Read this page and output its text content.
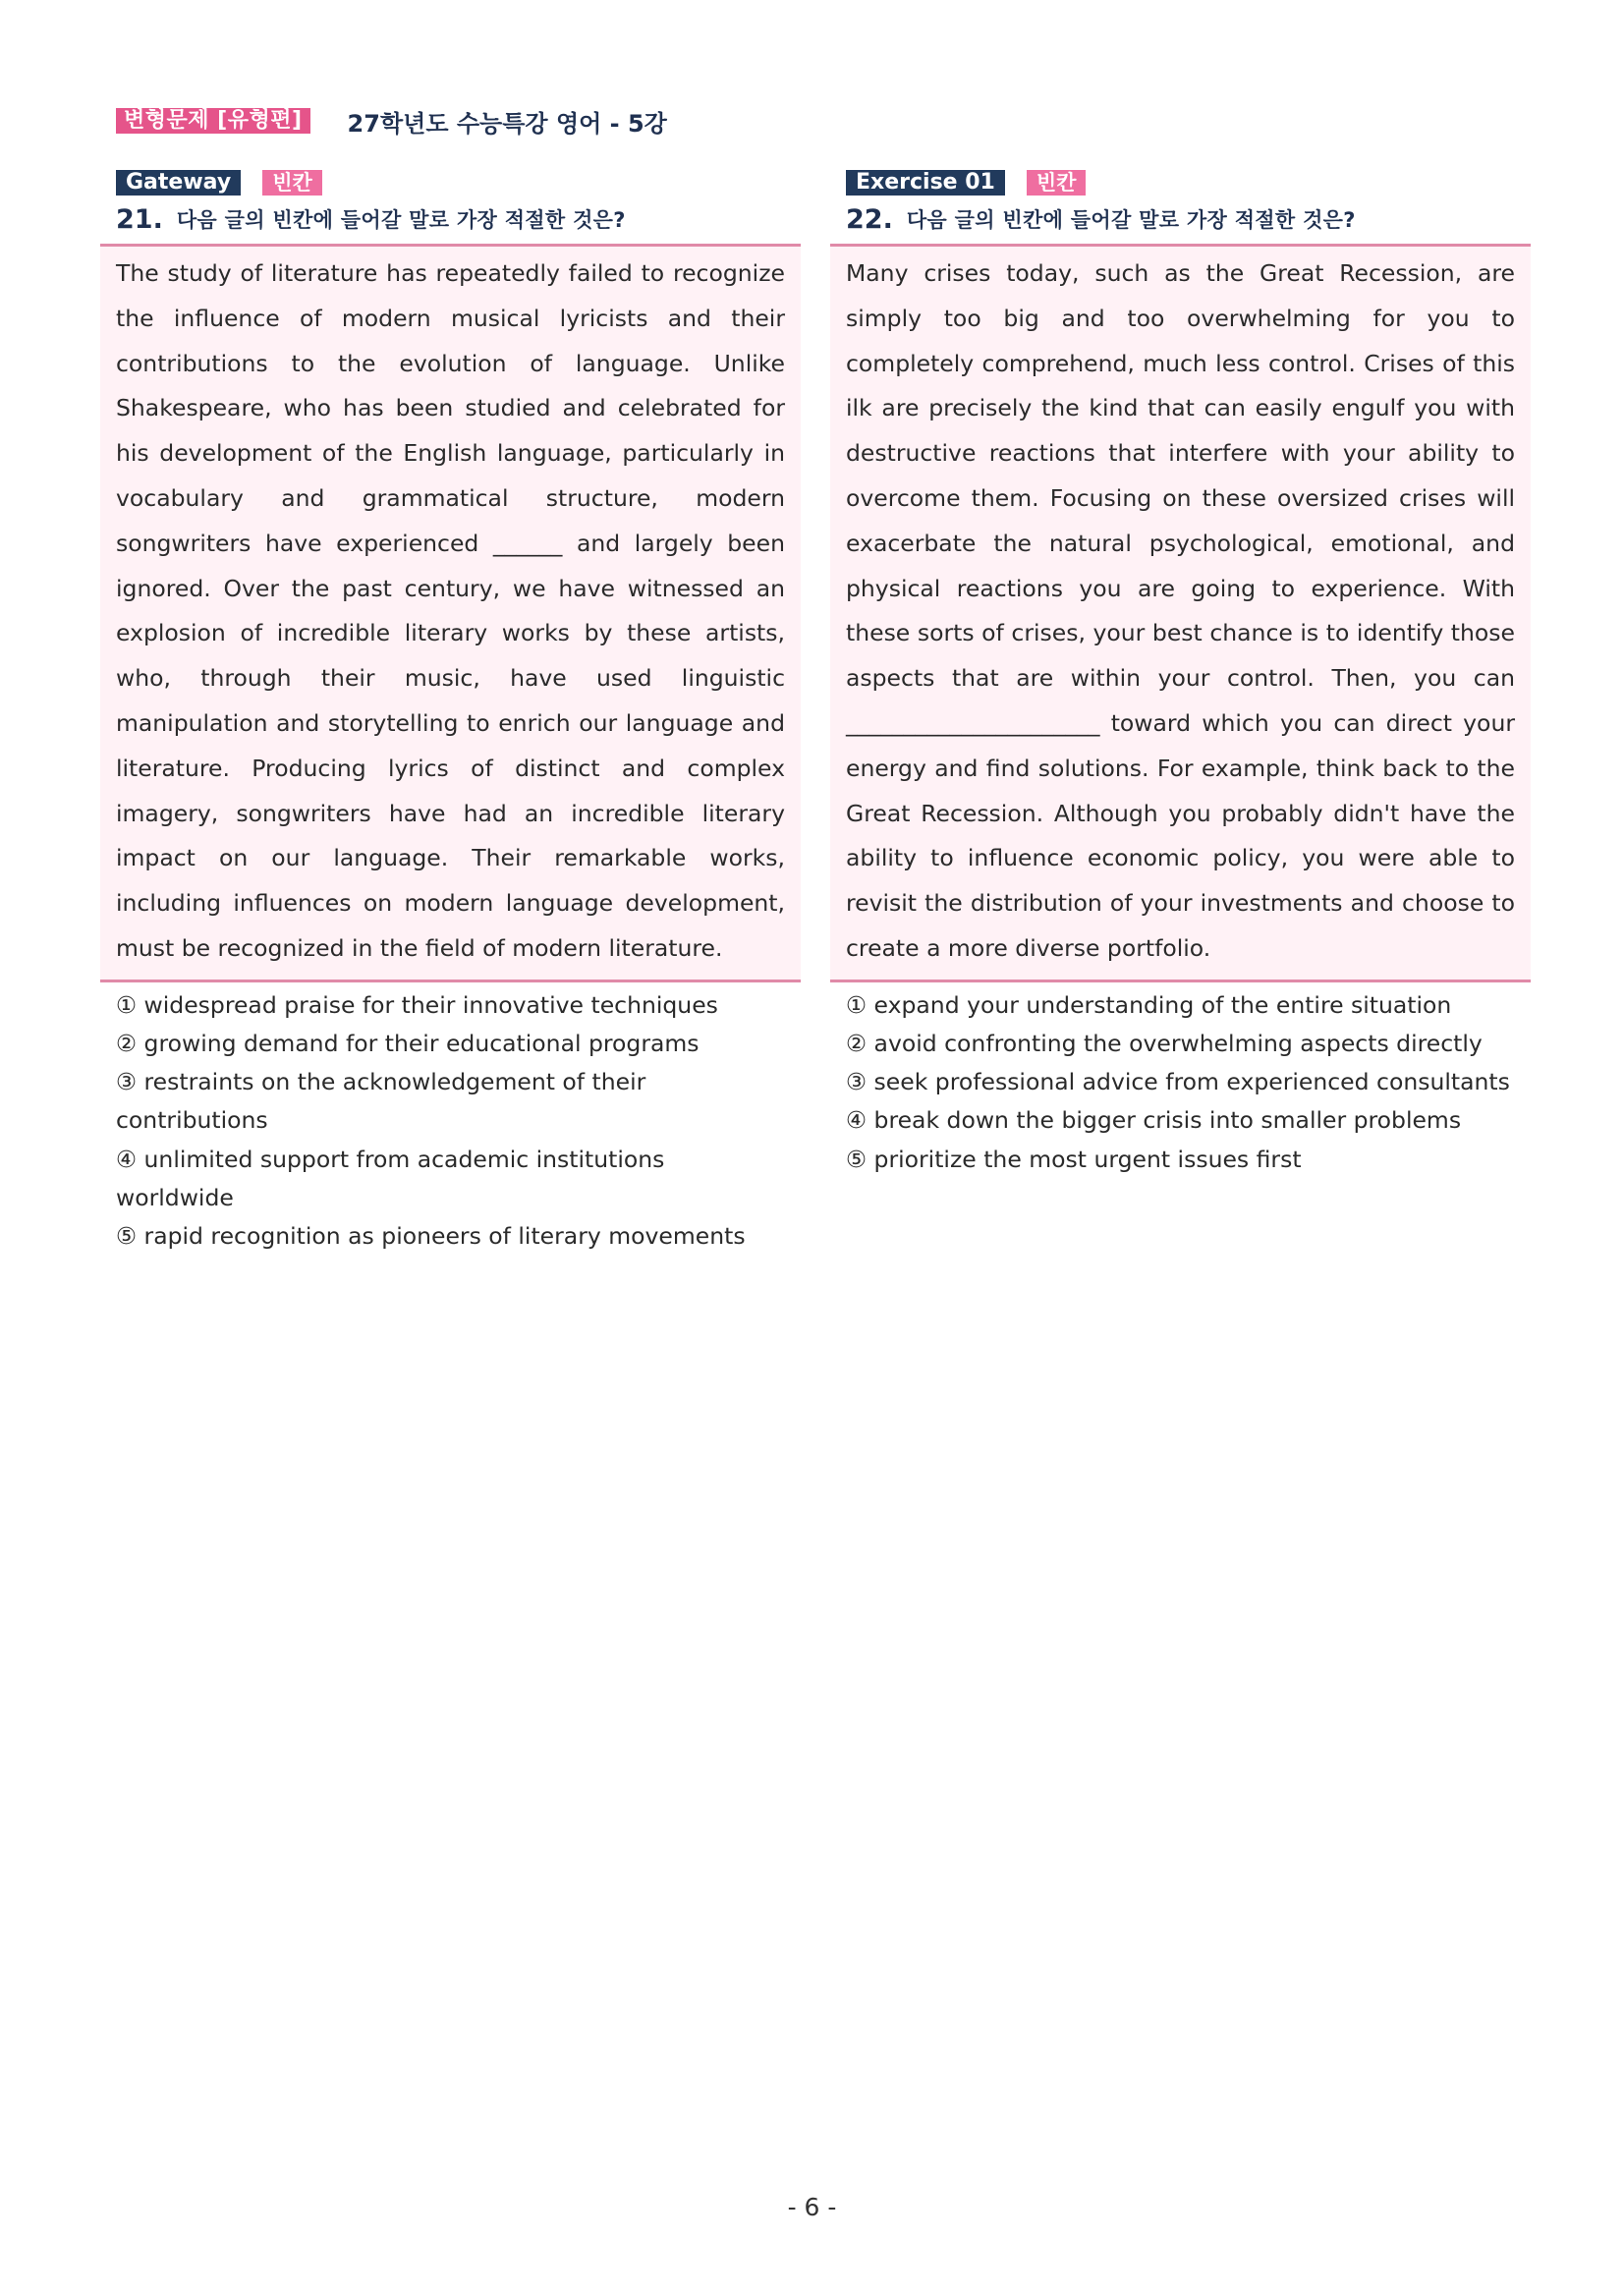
변형문제 [유형편]	27학년도 수능특강 영어 - 5강
Gateway	빈칸
21. 다음 글의 빈칸에 들어갈 말로 가장 적절한 것은?

The study of literature has repeatedly failed to recognize the influence of modern musical lyricists and their contributions to the evolution of language. Unlike Shakespeare, who has been studied and celebrated for his development of the English language, particularly in vocabulary and grammatical structure, modern songwriters have experienced ______ and largely been ignored. Over the past century, we have witnessed an explosion of incredible literary works by these artists, who, through their music, have used linguistic manipulation and storytelling to enrich our language and literature. Producing lyrics of distinct and complex imagery, songwriters have had an incredible literary impact on our language. Their remarkable works, including influences on modern language development, must be recognized in the field of modern literature.

① widespread praise for their innovative techniques
② growing demand for their educational programs
③ restraints on the acknowledgement of their contributions
④ unlimited support from academic institutions worldwide
⑤ rapid recognition as pioneers of literary movements
Exercise 01	빈칸
22. 다음 글의 빈칸에 들어갈 말로 가장 적절한 것은?

Many crises today, such as the Great Recession, are simply too big and too overwhelming for you to completely comprehend, much less control. Crises of this ilk are precisely the kind that can easily engulf you with destructive reactions that interfere with your ability to overcome them. Focusing on these oversized crises will exacerbate the natural psychological, emotional, and physical reactions you are going to experience. With these sorts of crises, your best chance is to identify those aspects that are within your control. Then, you can ______________________ toward which you can direct your energy and find solutions. For example, think back to the Great Recession. Although you probably didn't have the ability to influence economic policy, you were able to revisit the distribution of your investments and choose to create a more diverse portfolio.

① expand your understanding of the entire situation
② avoid confronting the overwhelming aspects directly
③ seek professional advice from experienced consultants
④ break down the bigger crisis into smaller problems
⑤ prioritize the most urgent issues first
- 6 -
